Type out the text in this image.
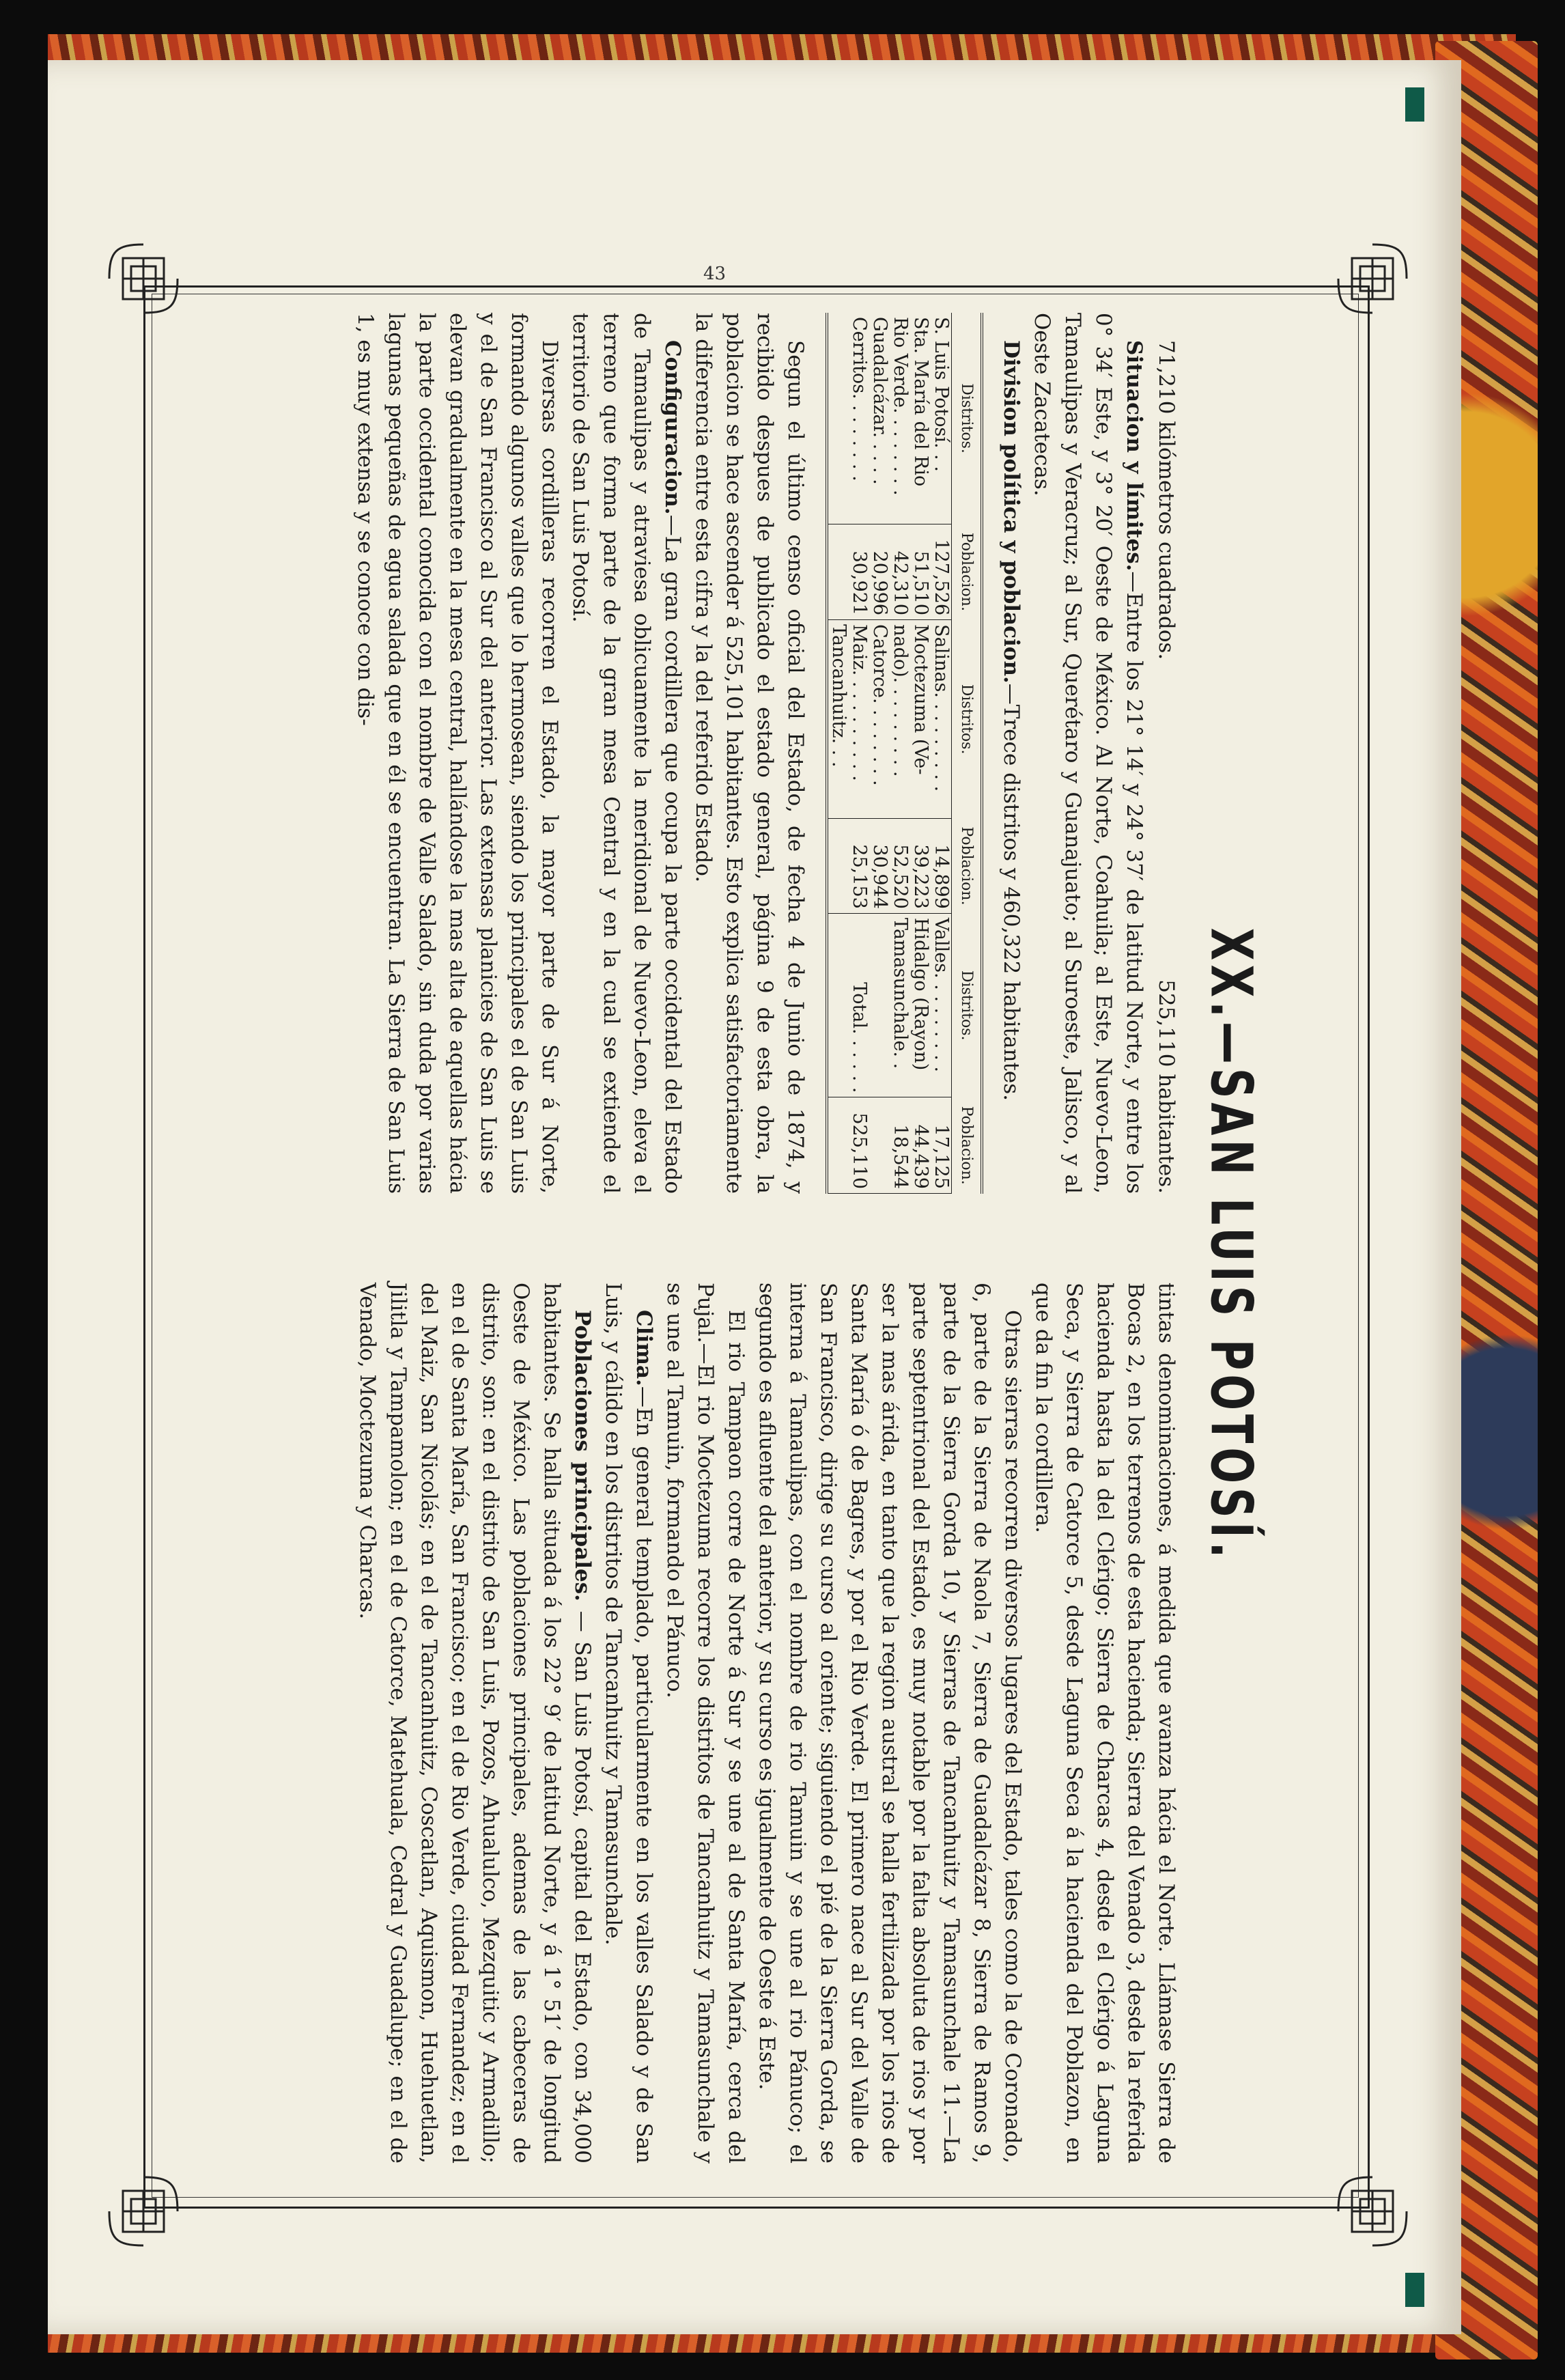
43
XX.—SAN LUIS POTOSÍ.
71,210 kilómetros cuadrados.
525,110 habitantes.

Situacion y límites.—Entre los 21° 14′ y 24° 37′ de latitud Norte, y entre los 0° 34′ Este, y 3° 20′ Oeste de México. Al Norte, Coahuila; al Este, Nuevo-Leon, Tamaulipas y Veracruz; al Sur, Querétaro y Guanajuato; al Suroeste, Jalisco, y al Oeste Zacatecas.

Division política y poblacion.—Trece distritos y 460,322 habitantes.

Distritos.	Poblacion.	Distritos.	Poblacion.	Distritos.	Poblacion.
S. Luis Potosí. . .	127,526	Salinas. . . . . . . . .	14,899	Valles. . . . . . . . .	17,125
Sta. María del Rio	51,510	Moctezuma (Ve-	39,223	Hidalgo (Rayon)	44,439
Rio Verde. . . . . . . .	42,310	nado). . . . . . . . .	52,520	Tamasunchale. .	18,544
Guadalcázar. . . . .	20,996	Catorce. . . . . . . .	30,944		
Cerritos. . . . . . . .	30,921	Maiz. . . . . . . . . .	25,153	Total. . . . . .	525,110
		Tancanhuitz. . .			

Segun el último censo oficial del Estado, de fecha 4 de Junio de 1874, y recibido despues de publicado el estado general, página 9 de esta obra, la poblacion se hace ascender á 525,101 habitantes. Esto explica satisfactoriamente la diferencia entre esta cifra y la del referido Estado.

Configuracion.—La gran cordillera que ocupa la parte occidental del Estado de Tamaulipas y atraviesa oblicuamente la meridional de Nuevo-Leon, eleva el terreno que forma parte de la gran mesa Central y en la cual se extiende el territorio de San Luis Potosí.

Diversas cordilleras recorren el Estado, la mayor parte de Sur á Norte, formando algunos valles que lo hermosean, siendo los principales el de San Luis y el de San Francisco al Sur del anterior. Las extensas planicies de San Luis se elevan gradualmente en la mesa central, hallándose la mas alta de aquellas hácia la parte occidental conocida con el nombre de Valle Salado, sin duda por varias lagunas pequeñas de agua salada que en él se encuentran. La Sierra de San Luis 1, es muy extensa y se conoce con dis-

tintas denominaciones, á medida que avanza hácia el Norte. Llámase Sierra de Bocas 2, en los terrenos de esta hacienda; Sierra del Venado 3, desde la referida hacienda hasta la del Clérigo; Sierra de Charcas 4, desde el Clérigo á Laguna Seca, y Sierra de Catorce 5, desde Laguna Seca á la hacienda del Poblazon, en que da fin la cordillera.

Otras sierras recorren diversos lugares del Estado, tales como la de Coronado, 6, parte de la Sierra de Naola 7, Sierra de Guadalcázar 8, Sierra de Ramos 9, parte de la Sierra Gorda 10, y Sierras de Tancanhuitz y Tamasunchale 11.—La parte septentrional del Estado, es muy notable por la falta absoluta de rios y por ser la mas árida, en tanto que la region austral se halla fertilizada por los rios de Santa María ó de Bagres, y por el Rio Verde. El primero nace al Sur del Valle de San Francisco, dirige su curso al oriente; siguiendo el pié de la Sierra Gorda, se interna á Tamaulipas, con el nombre de rio Tamuin y se une al rio Pánuco; el segundo es afluente del anterior, y su curso es igualmente de Oeste á Este.

El rio Tampaon corre de Norte á Sur y se une al de Santa María, cerca del Pujal.—El rio Moctezuma recorre los distritos de Tancanhuitz y Tamasunchale y se une al Tamuin, formando el Pánuco.

Clima.—En general templado, particularmente en los valles Salado y de San Luis, y cálido en los distritos de Tancanhuitz y Tamasunchale.

Poblaciones principales. — San Luis Potosí, capital del Estado, con 34,000 habitantes. Se halla situada á los 22° 9′ de latitud Norte, y á 1° 51′ de longitud Oeste de México. Las poblaciones principales, ademas de las cabeceras de distrito, son: en el distrito de San Luis, Pozos, Ahualulco, Mezquitic y Armadillo; en el de Santa María, San Francisco; en el de Rio Verde, ciudad Fernandez; en el del Maiz, San Nicolás; en el de Tancanhuitz, Coscatlan, Aquismon, Huehuetlan, Jilitla y Tampamolon; en el de Catorce, Matehuala, Cedral y Guadalupe; en el de Venado, Moctezuma y Charcas.
